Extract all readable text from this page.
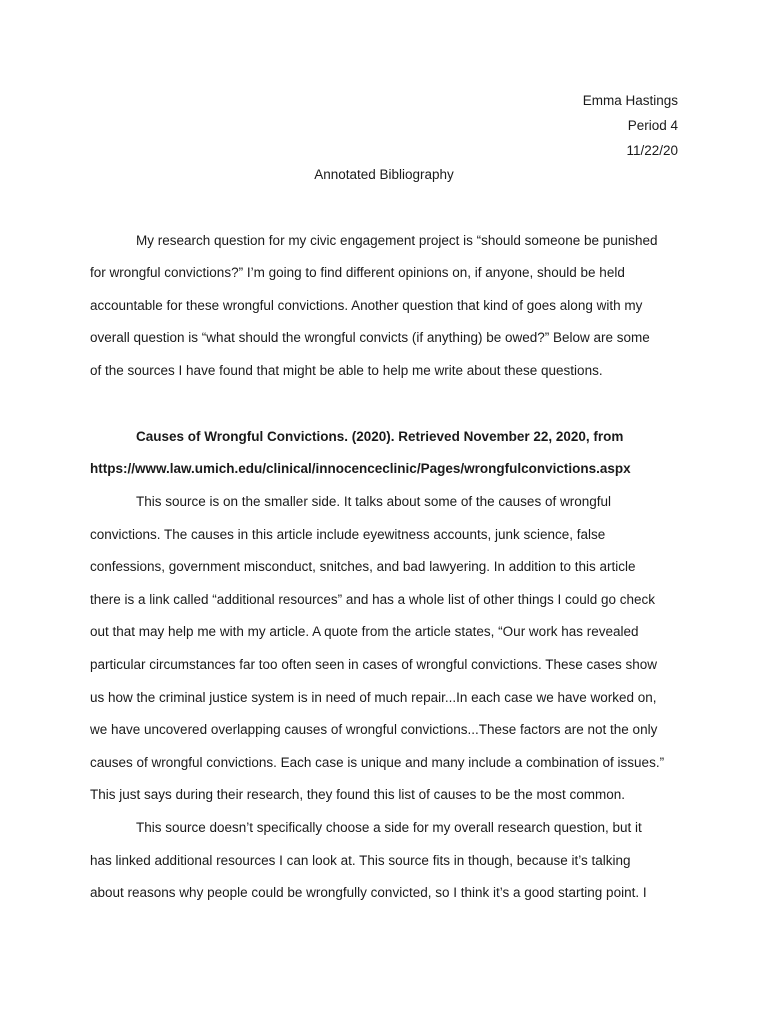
Emma Hastings
Period 4
11/22/20
Annotated Bibliography
My research question for my civic engagement project is “should someone be punished
for wrongful convictions?” I’m going to find different opinions on, if anyone, should be held
accountable for these wrongful convictions. Another question that kind of goes along with my
overall question is “what should the wrongful convicts (if anything) be owed?” Below are some
of the sources I have found that might be able to help me write about these questions.
Causes of Wrongful Convictions. (2020). Retrieved November 22, 2020, from
https://www.law.umich.edu/clinical/innocenceclinic/Pages/wrongfulconvictions.aspx
This source is on the smaller side. It talks about some of the causes of wrongful
convictions. The causes in this article include eyewitness accounts, junk science, false
confessions, government misconduct, snitches, and bad lawyering. In addition to this article
there is a link called “additional resources” and has a whole list of other things I could go check
out that may help me with my article. A quote from the article states, “Our work has revealed
particular circumstances far too often seen in cases of wrongful convictions. These cases show
us how the criminal justice system is in need of much repair...In each case we have worked on,
we have uncovered overlapping causes of wrongful convictions...These factors are not the only
causes of wrongful convictions. Each case is unique and many include a combination of issues.”
This just says during their research, they found this list of causes to be the most common.
This source doesn’t specifically choose a side for my overall research question, but it
has linked additional resources I can look at. This source fits in though, because it’s talking
about reasons why people could be wrongfully convicted, so I think it’s a good starting point. I
